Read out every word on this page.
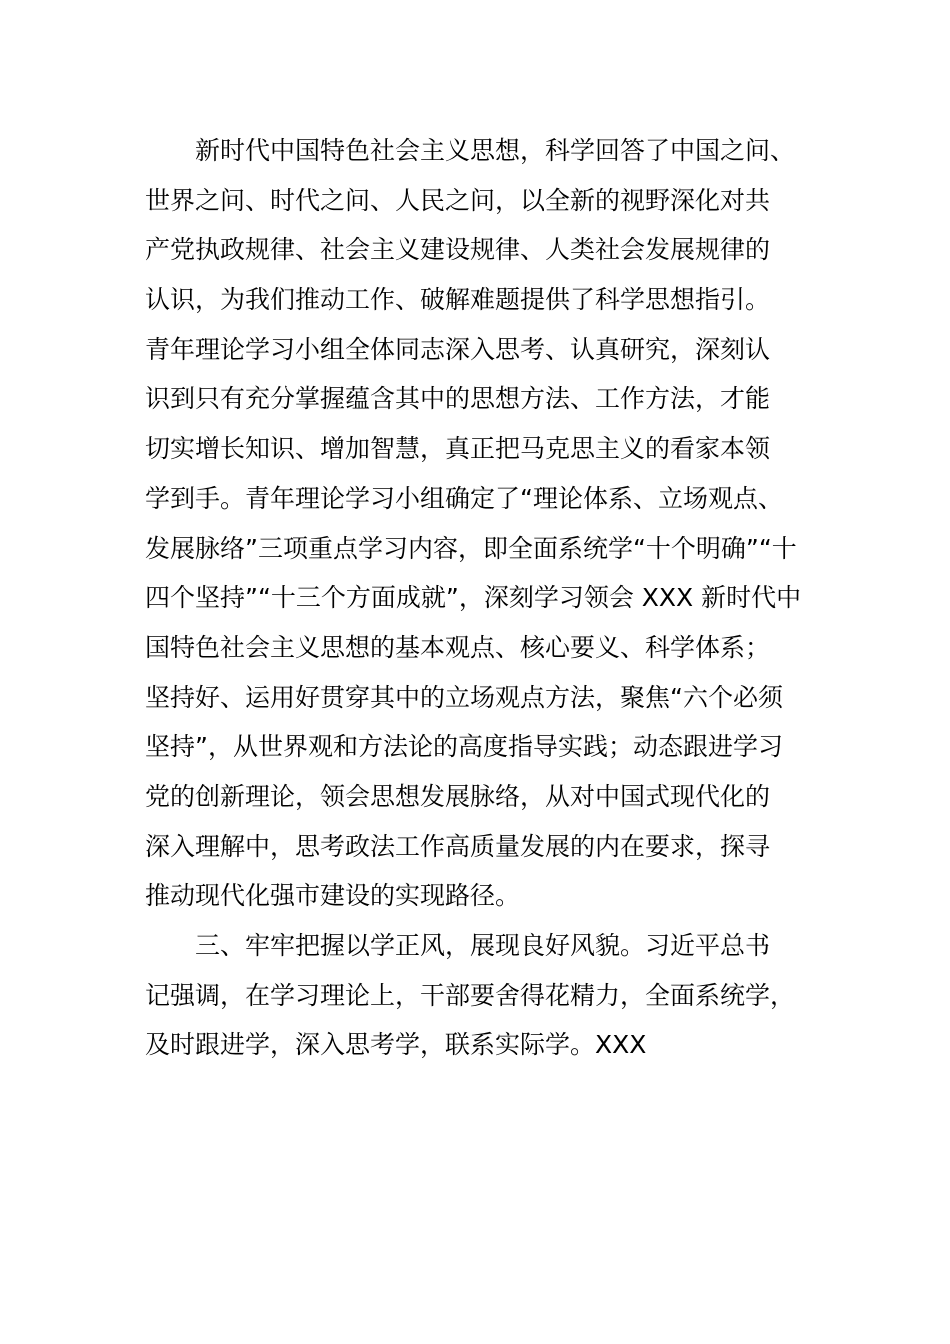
新时代中国特色社会主义思想，科学回答了中国之问、
世界之问、时代之问、人民之问，以全新的视野深化对共
产党执政规律、社会主义建设规律、人类社会发展规律的
认识，为我们推动工作、破解难题提供了科学思想指引。
青年理论学习小组全体同志深入思考、认真研究，深刻认
识到只有充分掌握蕴含其中的思想方法、工作方法，才能
切实增长知识、增加智慧，真正把马克思主义的看家本领
学到手。青年理论学习小组确定了“理论体系、立场观点、
发展脉络”三项重点学习内容，即全面系统学“十个明确”“十
四个坚持”“十三个方面成就”，深刻学习领会 XXX 新时代中
国特色社会主义思想的基本观点、核心要义、科学体系；
坚持好、运用好贯穿其中的立场观点方法，聚焦“六个必须
坚持”，从世界观和方法论的高度指导实践；动态跟进学习
党的创新理论，领会思想发展脉络，从对中国式现代化的
深入理解中，思考政法工作高质量发展的内在要求，探寻
推动现代化强市建设的实现路径。
三、牢牢把握以学正风，展现良好风貌。习近平总书
记强调，在学习理论上，干部要舍得花精力，全面系统学，
及时跟进学，深入思考学，联系实际学。XXX
